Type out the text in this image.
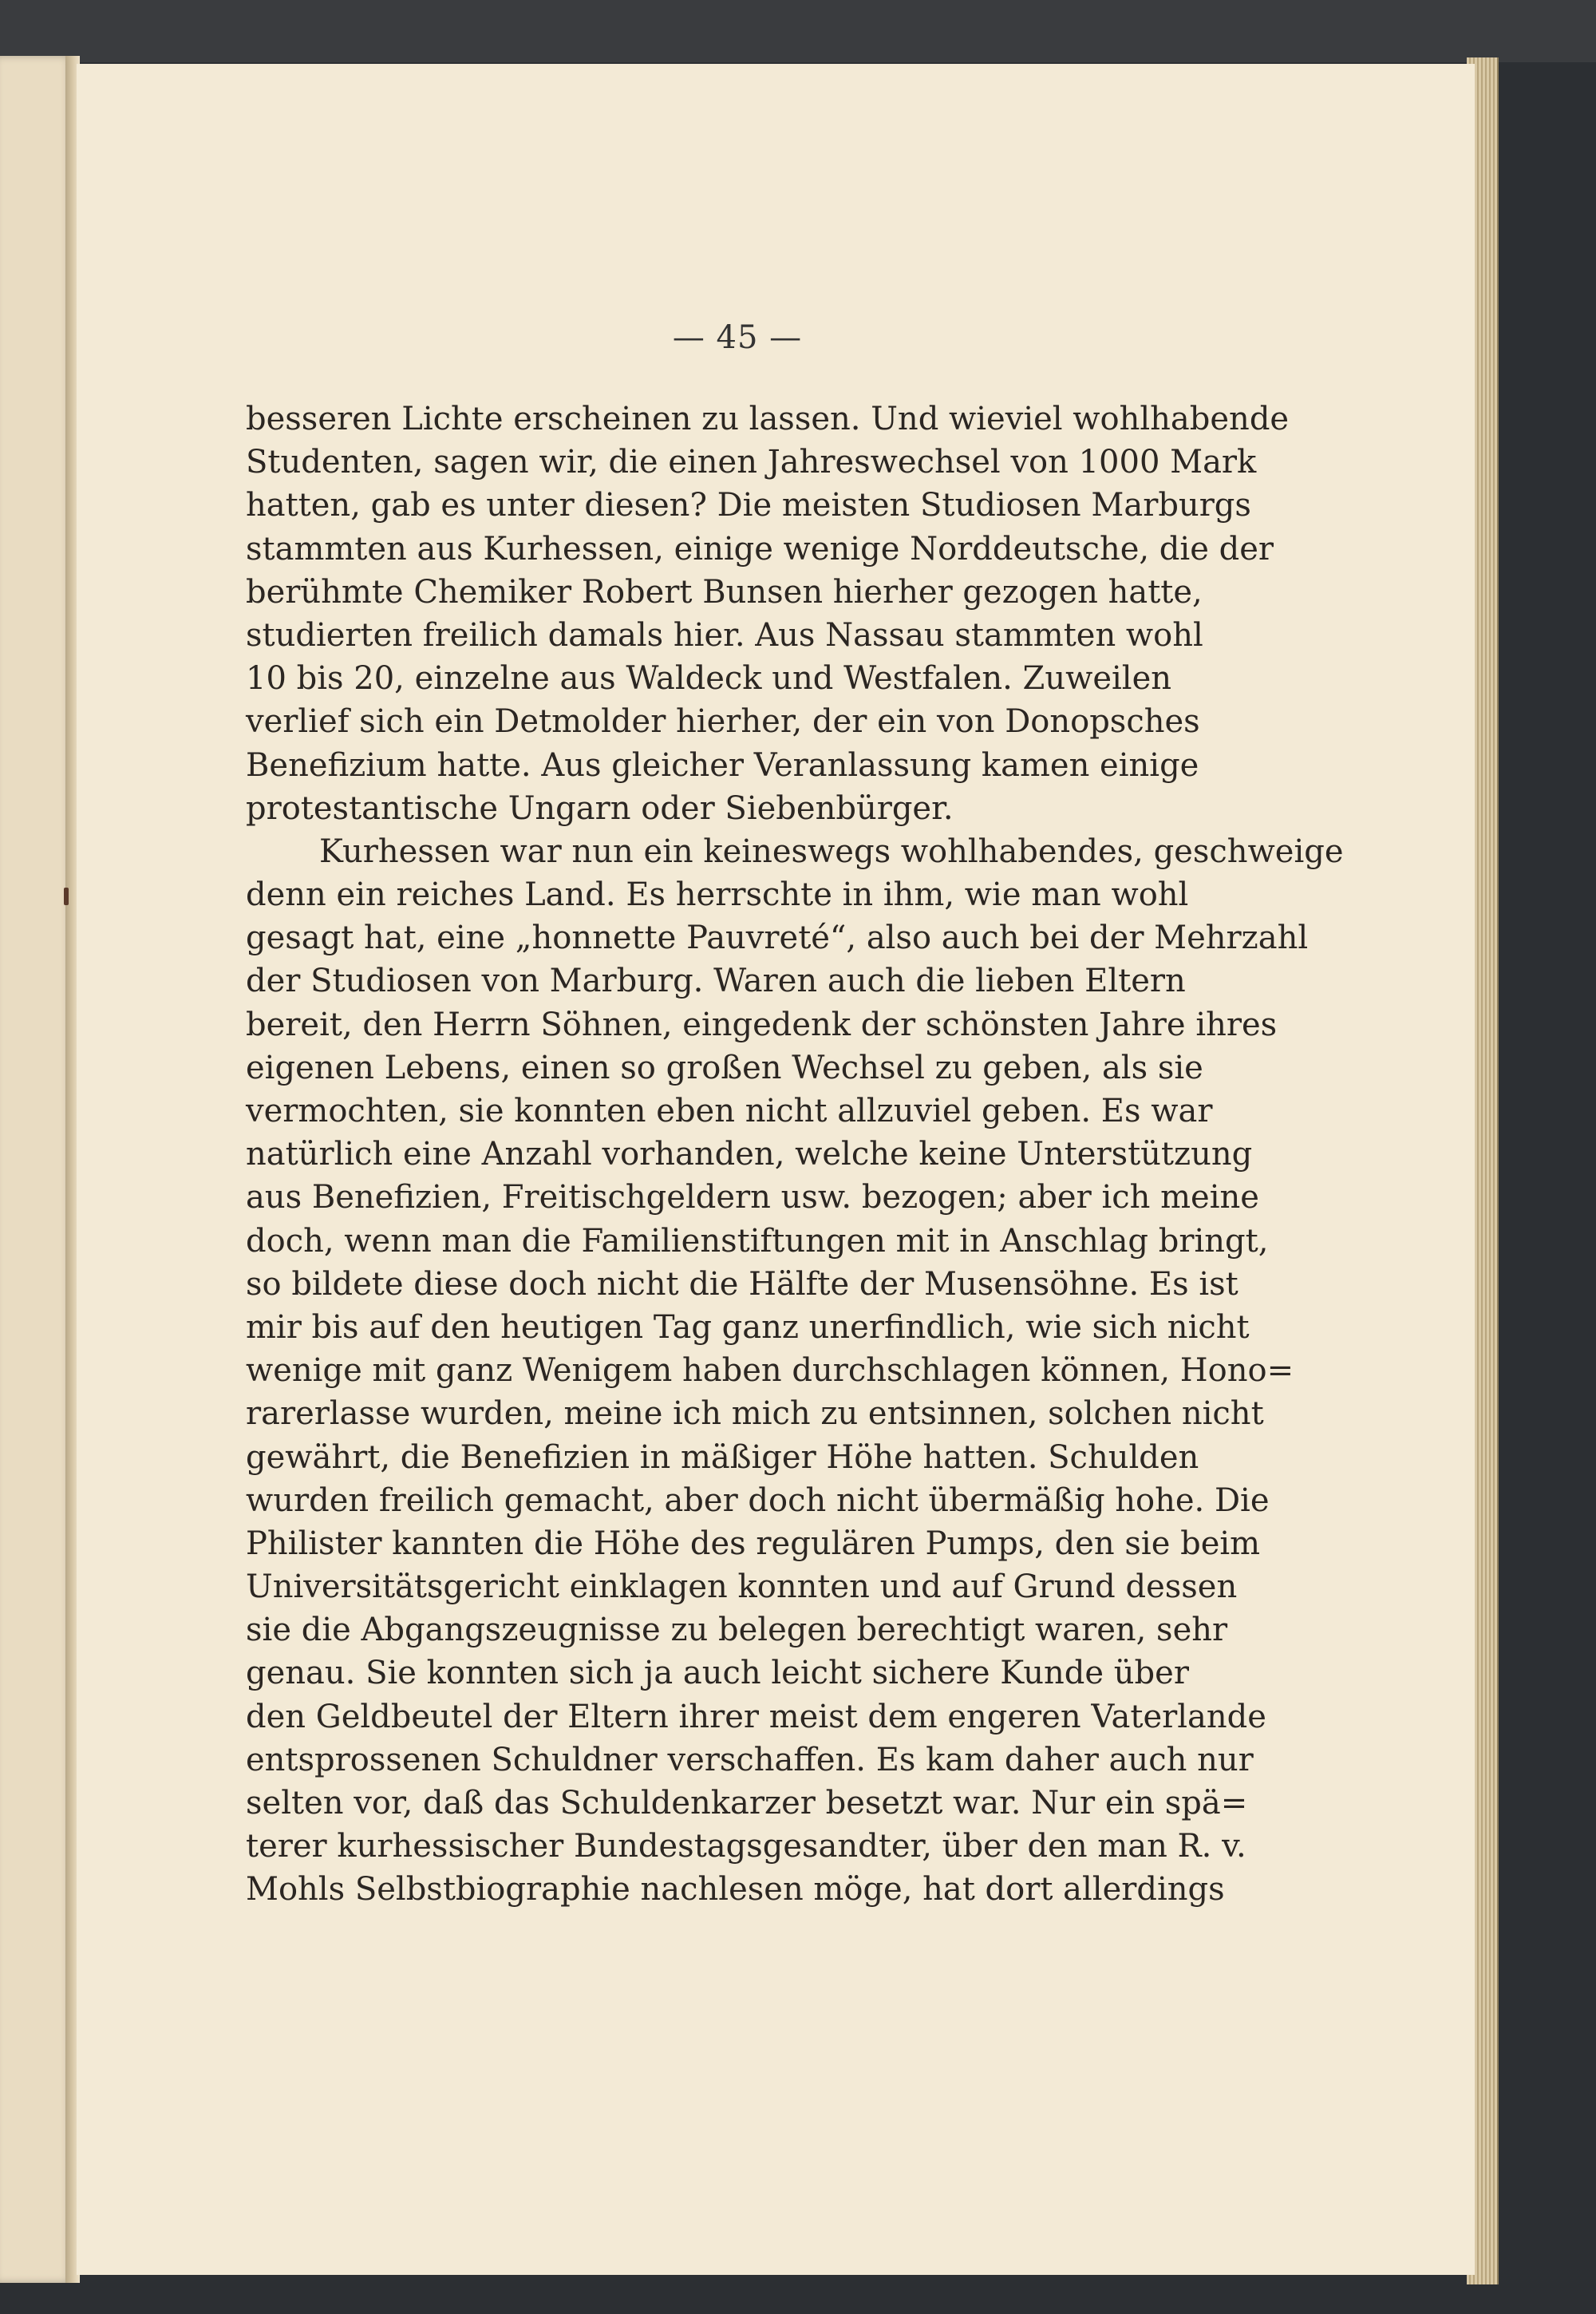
— 45 —
besseren Lichte erscheinen zu lassen. Und wieviel wohlhabende
Studenten, sagen wir, die einen Jahreswechsel von 1000 Mark
hatten, gab es unter diesen? Die meisten Studiosen Marburgs
stammten aus Kurhessen, einige wenige Norddeutsche, die der
berühmte Chemiker Robert Bunsen hierher gezogen hatte,
studierten freilich damals hier. Aus Nassau stammten wohl
10 bis 20, einzelne aus Waldeck und Westfalen. Zuweilen
verlief sich ein Detmolder hierher, der ein von Donopsches
Benefizium hatte. Aus gleicher Veranlassung kamen einige
protestantische Ungarn oder Siebenbürger.
Kurhessen war nun ein keineswegs wohlhabendes, geschweige
denn ein reiches Land. Es herrschte in ihm, wie man wohl
gesagt hat, eine „honnette Pauvreté“, also auch bei der Mehrzahl
der Studiosen von Marburg. Waren auch die lieben Eltern
bereit, den Herrn Söhnen, eingedenk der schönsten Jahre ihres
eigenen Lebens, einen so großen Wechsel zu geben, als sie
vermochten, sie konnten eben nicht allzuviel geben. Es war
natürlich eine Anzahl vorhanden, welche keine Unterstützung
aus Benefizien, Freitischgeldern usw. bezogen; aber ich meine
doch, wenn man die Familienstiftungen mit in Anschlag bringt,
so bildete diese doch nicht die Hälfte der Musensöhne. Es ist
mir bis auf den heutigen Tag ganz unerfindlich, wie sich nicht
wenige mit ganz Wenigem haben durchschlagen können, Hono=
rarerlasse wurden, meine ich mich zu entsinnen, solchen nicht
gewährt, die Benefizien in mäßiger Höhe hatten. Schulden
wurden freilich gemacht, aber doch nicht übermäßig hohe. Die
Philister kannten die Höhe des regulären Pumps, den sie beim
Universitätsgericht einklagen konnten und auf Grund dessen
sie die Abgangszeugnisse zu belegen berechtigt waren, sehr
genau. Sie konnten sich ja auch leicht sichere Kunde über
den Geldbeutel der Eltern ihrer meist dem engeren Vaterlande
entsprossenen Schuldner verschaffen. Es kam daher auch nur
selten vor, daß das Schuldenkarzer besetzt war. Nur ein spä=
terer kurhessischer Bundestagsgesandter, über den man R. v.
Mohls Selbstbiographie nachlesen möge, hat dort allerdings
